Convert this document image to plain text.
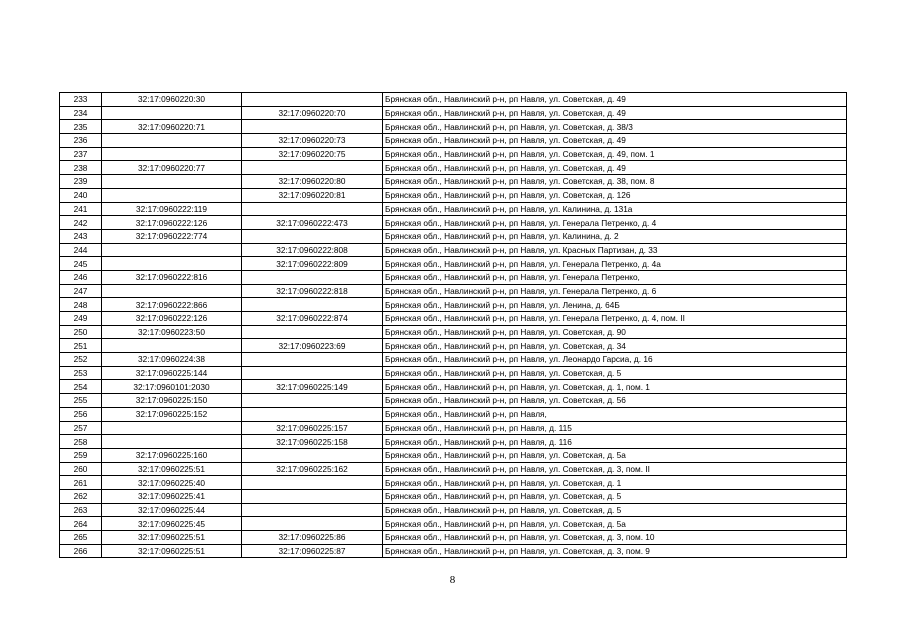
233	32:17:0960220:30		Брянская обл., Навлинский р-н, рп Навля, ул. Советская, д. 49
234		32:17:0960220:70	Брянская обл., Навлинский р-н, рп Навля, ул. Советская, д. 49
235	32:17:0960220:71		Брянская обл., Навлинский р-н, рп Навля, ул. Советская, д. 38/3
236		32:17:0960220:73	Брянская обл., Навлинский р-н, рп Навля, ул. Советская, д. 49
237		32:17:0960220:75	Брянская обл., Навлинский р-н, рп Навля, ул. Советская, д. 49, пом. 1
238	32:17:0960220:77		Брянская обл., Навлинский р-н, рп Навля, ул. Советская, д. 49
239		32:17:0960220:80	Брянская обл., Навлинский р-н, рп Навля, ул. Советская, д. 38, пом. 8
240		32:17:0960220:81	Брянская обл., Навлинский р-н, рп Навля, ул. Советская, д. 126
241	32:17:0960222:119		Брянская обл., Навлинский р-н, рп Навля, ул. Калинина, д. 131а
242	32:17:0960222:126	32:17:0960222:473	Брянская обл., Навлинский р-н, рп Навля, ул. Генерала Петренко, д. 4
243	32:17:0960222:774		Брянская обл., Навлинский р-н, рп Навля, ул. Калинина, д. 2
244		32:17:0960222:808	Брянская обл., Навлинский р-н, рп Навля, ул. Красных Партизан, д. 33
245		32:17:0960222:809	Брянская обл., Навлинский р-н, рп Навля, ул. Генерала Петренко, д. 4а
246	32:17:0960222:816		Брянская обл., Навлинский р-н, рп Навля, ул. Генерала Петренко,
247		32:17:0960222:818	Брянская обл., Навлинский р-н, рп Навля, ул. Генерала Петренко, д. 6
248	32:17:0960222:866		Брянская обл., Навлинский р-н, рп Навля, ул. Ленина, д. 64Б
249	32:17:0960222:126	32:17:0960222:874	Брянская обл., Навлинский р-н, рп Навля, ул. Генерала Петренко, д. 4, пом. II
250	32:17:0960223:50		Брянская обл., Навлинский р-н, рп Навля, ул. Советская, д. 90
251		32:17:0960223:69	Брянская обл., Навлинский р-н, рп Навля, ул. Советская, д. 34
252	32:17:0960224:38		Брянская обл., Навлинский р-н, рп Навля, ул. Леонардо Гарсиа, д. 16
253	32:17:0960225:144		Брянская обл., Навлинский р-н, рп Навля, ул. Советская, д. 5
254	32:17:0960101:2030	32:17:0960225:149	Брянская обл., Навлинский р-н, рп Навля, ул. Советская, д. 1, пом. 1
255	32:17:0960225:150		Брянская обл., Навлинский р-н, рп Навля, ул. Советская, д. 56
256	32:17:0960225:152		Брянская обл., Навлинский р-н, рп Навля,
257		32:17:0960225:157	Брянская обл., Навлинский р-н, рп Навля, д. 115
258		32:17:0960225:158	Брянская обл., Навлинский р-н, рп Навля, д. 116
259	32:17:0960225:160		Брянская обл., Навлинский р-н, рп Навля, ул. Советская, д. 5а
260	32:17:0960225:51	32:17:0960225:162	Брянская обл., Навлинский р-н, рп Навля, ул. Советская, д. 3, пом. II
261	32:17:0960225:40		Брянская обл., Навлинский р-н, рп Навля, ул. Советская, д. 1
262	32:17:0960225:41		Брянская обл., Навлинский р-н, рп Навля, ул. Советская, д. 5
263	32:17:0960225:44		Брянская обл., Навлинский р-н, рп Навля, ул. Советская, д. 5
264	32:17:0960225:45		Брянская обл., Навлинский р-н, рп Навля, ул. Советская, д. 5а
265	32:17:0960225:51	32:17:0960225:86	Брянская обл., Навлинский р-н, рп Навля, ул. Советская, д. 3, пом. 10
266	32:17:0960225:51	32:17:0960225:87	Брянская обл., Навлинский р-н, рп Навля, ул. Советская, д. 3, пом. 9
8
